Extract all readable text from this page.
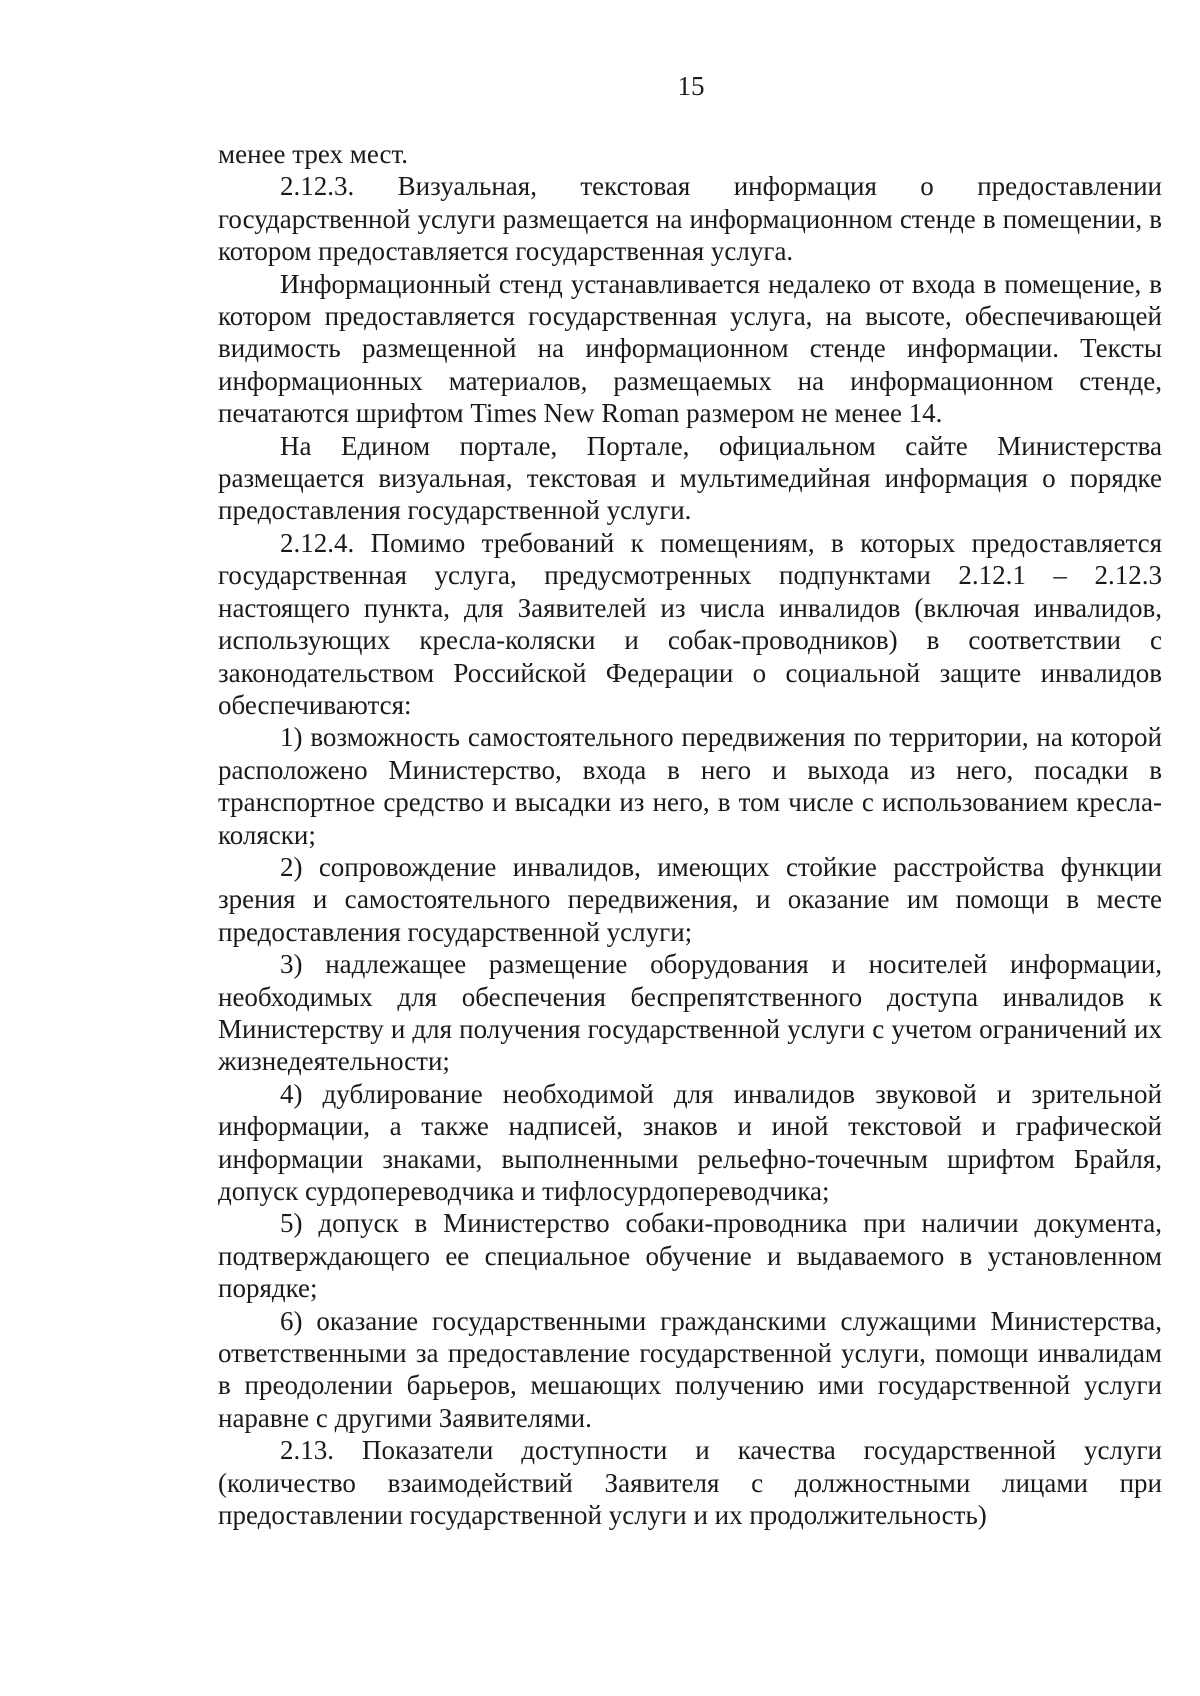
15

менее трех мест.

2.12.3. Визуальная, текстовая информация о предоставлении государственной услуги размещается на информационном стенде в помещении, в котором предоставляется государственная услуга.

Информационный стенд устанавливается недалеко от входа в помещение, в котором предоставляется государственная услуга, на высоте, обеспечивающей видимость размещенной на информационном стенде информации. Тексты информационных материалов, размещаемых на информационном стенде, печатаются шрифтом Times New Roman размером не менее 14.

На Едином портале, Портале, официальном сайте Министерства размещается визуальная, текстовая и мультимедийная информация о порядке предоставления государственной услуги.

2.12.4. Помимо требований к помещениям, в которых предоставляется государственная услуга, предусмотренных подпунктами 2.12.1 – 2.12.3 настоящего пункта, для Заявителей из числа инвалидов (включая инвалидов, использующих кресла-коляски и собак-проводников) в соответствии с законодательством Российской Федерации о социальной защите инвалидов обеспечиваются:

1) возможность самостоятельного передвижения по территории, на которой расположено Министерство, входа в него и выхода из него, посадки в транспортное средство и высадки из него, в том числе с использованием кресла-коляски;

2) сопровождение инвалидов, имеющих стойкие расстройства функции зрения и самостоятельного передвижения, и оказание им помощи в месте предоставления государственной услуги;

3) надлежащее размещение оборудования и носителей информации, необходимых для обеспечения беспрепятственного доступа инвалидов к Министерству и для получения государственной услуги с учетом ограничений их жизнедеятельности;

4) дублирование необходимой для инвалидов звуковой и зрительной информации, а также надписей, знаков и иной текстовой и графической информации знаками, выполненными рельефно-точечным шрифтом Брайля, допуск сурдопереводчика и тифлосурдопереводчика;

5) допуск в Министерство собаки-проводника при наличии документа, подтверждающего ее специальное обучение и выдаваемого в установленном порядке;

6) оказание государственными гражданскими служащими Министерства, ответственными за предоставление государственной услуги, помощи инвалидам в преодолении барьеров, мешающих получению ими государственной услуги наравне с другими Заявителями.

2.13. Показатели доступности и качества государственной услуги (количество взаимодействий Заявителя с должностными лицами при предоставлении государственной услуги и их продолжительность)
